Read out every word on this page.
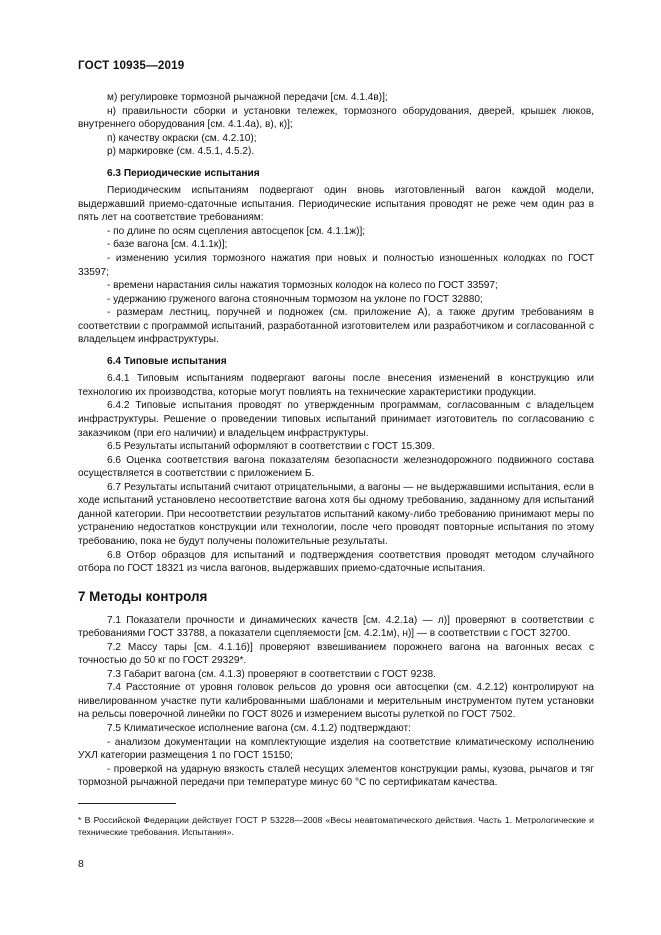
ГОСТ 10935—2019

м) регулировке тормозной рычажной передачи [см. 4.1.4в)];

н) правильности сборки и установки тележек, тормозного оборудования, дверей, крышек люков, внутреннего оборудования [см. 4.1.4а), в), к)];

п) качеству окраски (см. 4.2.10);

р) маркировке (см. 4.5.1, 4.5.2).

6.3 Периодические испытания

Периодическим испытаниям подвергают один вновь изготовленный вагон каждой модели, выдержавший приемо-сдаточные испытания. Периодические испытания проводят не реже чем один раз в пять лет на соответствие требованиям:

- по длине по осям сцепления автосцепок [см. 4.1.1ж)];

- базе вагона [см. 4.1.1к)];

- изменению усилия тормозного нажатия при новых и полностью изношенных колодках по ГОСТ 33597;

- времени нарастания силы нажатия тормозных колодок на колесо по ГОСТ 33597;

- удержанию груженого вагона стояночным тормозом на уклоне по ГОСТ 32880;

- размерам лестниц, поручней и подножек (см. приложение А), а также другим требованиям в соответствии с программой испытаний, разработанной изготовителем или разработчиком и согласованной с владельцем инфраструктуры.

6.4 Типовые испытания

6.4.1 Типовым испытаниям подвергают вагоны после внесения изменений в конструкцию или технологию их производства, которые могут повлиять на технические характеристики продукции.

6.4.2 Типовые испытания проводят по утвержденным программам, согласованным с владельцем инфраструктуры. Решение о проведении типовых испытаний принимает изготовитель по согласованию с заказчиком (при его наличии) и владельцем инфраструктуры.

6.5 Результаты испытаний оформляют в соответствии с ГОСТ 15.309.

6.6 Оценка соответствия вагона показателям безопасности железнодорожного подвижного состава осуществляется в соответствии с приложением Б.

6.7 Результаты испытаний считают отрицательными, а вагоны — не выдержавшими испытания, если в ходе испытаний установлено несоответствие вагона хотя бы одному требованию, заданному для испытаний данной категории. При несоответствии результатов испытаний какому-либо требованию принимают меры по устранению недостатков конструкции или технологии, после чего проводят повторные испытания по этому требованию, пока не будут получены положительные результаты.

6.8 Отбор образцов для испытаний и подтверждения соответствия проводят методом случайного отбора по ГОСТ 18321 из числа вагонов, выдержавших приемо-сдаточные испытания.

7 Методы контроля

7.1 Показатели прочности и динамических качеств [см. 4.2.1а) — л)] проверяют в соответствии с требованиями ГОСТ 33788, а показатели сцепляемости [см. 4.2.1м), н)] — в соответствии с ГОСТ 32700.

7.2 Массу тары [см. 4.1.1б)] проверяют взвешиванием порожнего вагона на вагонных весах с точностью до 50 кг по ГОСТ 29329*.

7.3 Габарит вагона (см. 4.1.3) проверяют в соответствии с ГОСТ 9238.

7.4 Расстояние от уровня головок рельсов до уровня оси автосцепки (см. 4.2.12) контролируют на нивелированном участке пути калиброванными шаблонами и мерительным инструментом путем установки на рельсы поверочной линейки по ГОСТ 8026 и измерением высоты рулеткой по ГОСТ 7502.

7.5 Климатическое исполнение вагона (см. 4.1.2) подтверждают:

- анализом документации на комплектующие изделия на соответствие климатическому исполнению УХЛ категории размещения 1 по ГОСТ 15150;

- проверкой на ударную вязкость сталей несущих элементов конструкции рамы, кузова, рычагов и тяг тормозной рычажной передачи при температуре минус 60 °С по сертификатам качества.

* В Российской Федерации действует ГОСТ Р 53228—2008 «Весы неавтоматического действия. Часть 1. Метрологические и технические требования. Испытания».
8
